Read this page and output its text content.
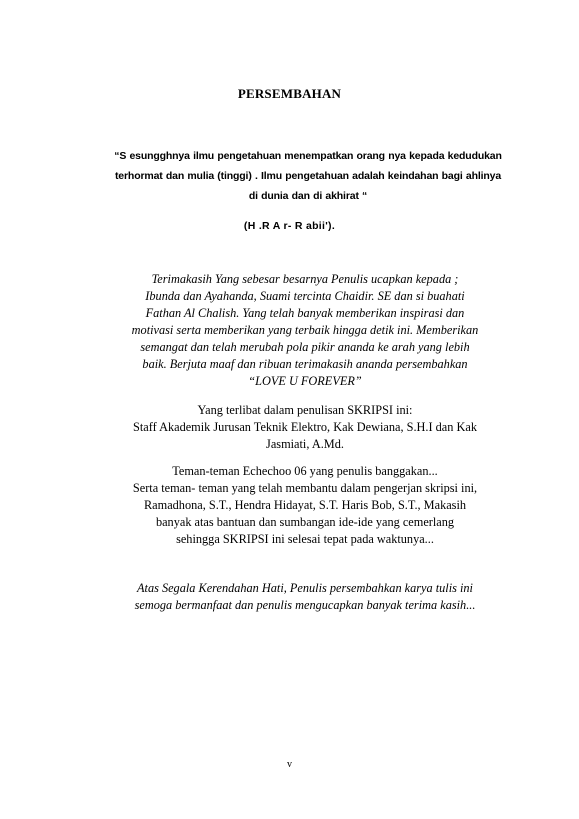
PERSEMBAHAN
“S esungghnya ilmu pengetahuan menempatkan orang nya kepada kedudukan
terhormat dan mulia (tinggi) . Ilmu pengetahuan adalah keindahan bagi ahlinya
di dunia dan di akhirat “
(H .R A r- R abii').
Terimakasih Yang sebesar besarnya Penulis ucapkan kepada ;
Ibunda dan Ayahanda, Suami tercinta Chaidir. SE dan si buahati
Fathan Al Chalish. Yang telah banyak memberikan inspirasi dan
motivasi serta memberikan yang terbaik hingga detik ini. Memberikan
semangat dan telah merubah pola pikir ananda ke arah yang lebih
baik. Berjuta maaf dan ribuan terimakasih ananda persembahkan
“LOVE U FOREVER”
Yang terlibat dalam penulisan SKRIPSI ini:
Staff Akademik Jurusan Teknik Elektro, Kak Dewiana, S.H.I dan Kak
Jasmiati, A.Md.
Teman-teman Echechoo 06 yang penulis banggakan...
Serta teman- teman yang telah membantu dalam pengerjan skripsi ini,
Ramadhona, S.T., Hendra Hidayat, S.T. Haris Bob, S.T., Makasih
banyak atas bantuan dan sumbangan ide-ide yang cemerlang
sehingga SKRIPSI ini selesai tepat pada waktunya...
Atas Segala Kerendahan Hati, Penulis persembahkan karya tulis ini
semoga bermanfaat dan penulis mengucapkan banyak terima kasih...
v
